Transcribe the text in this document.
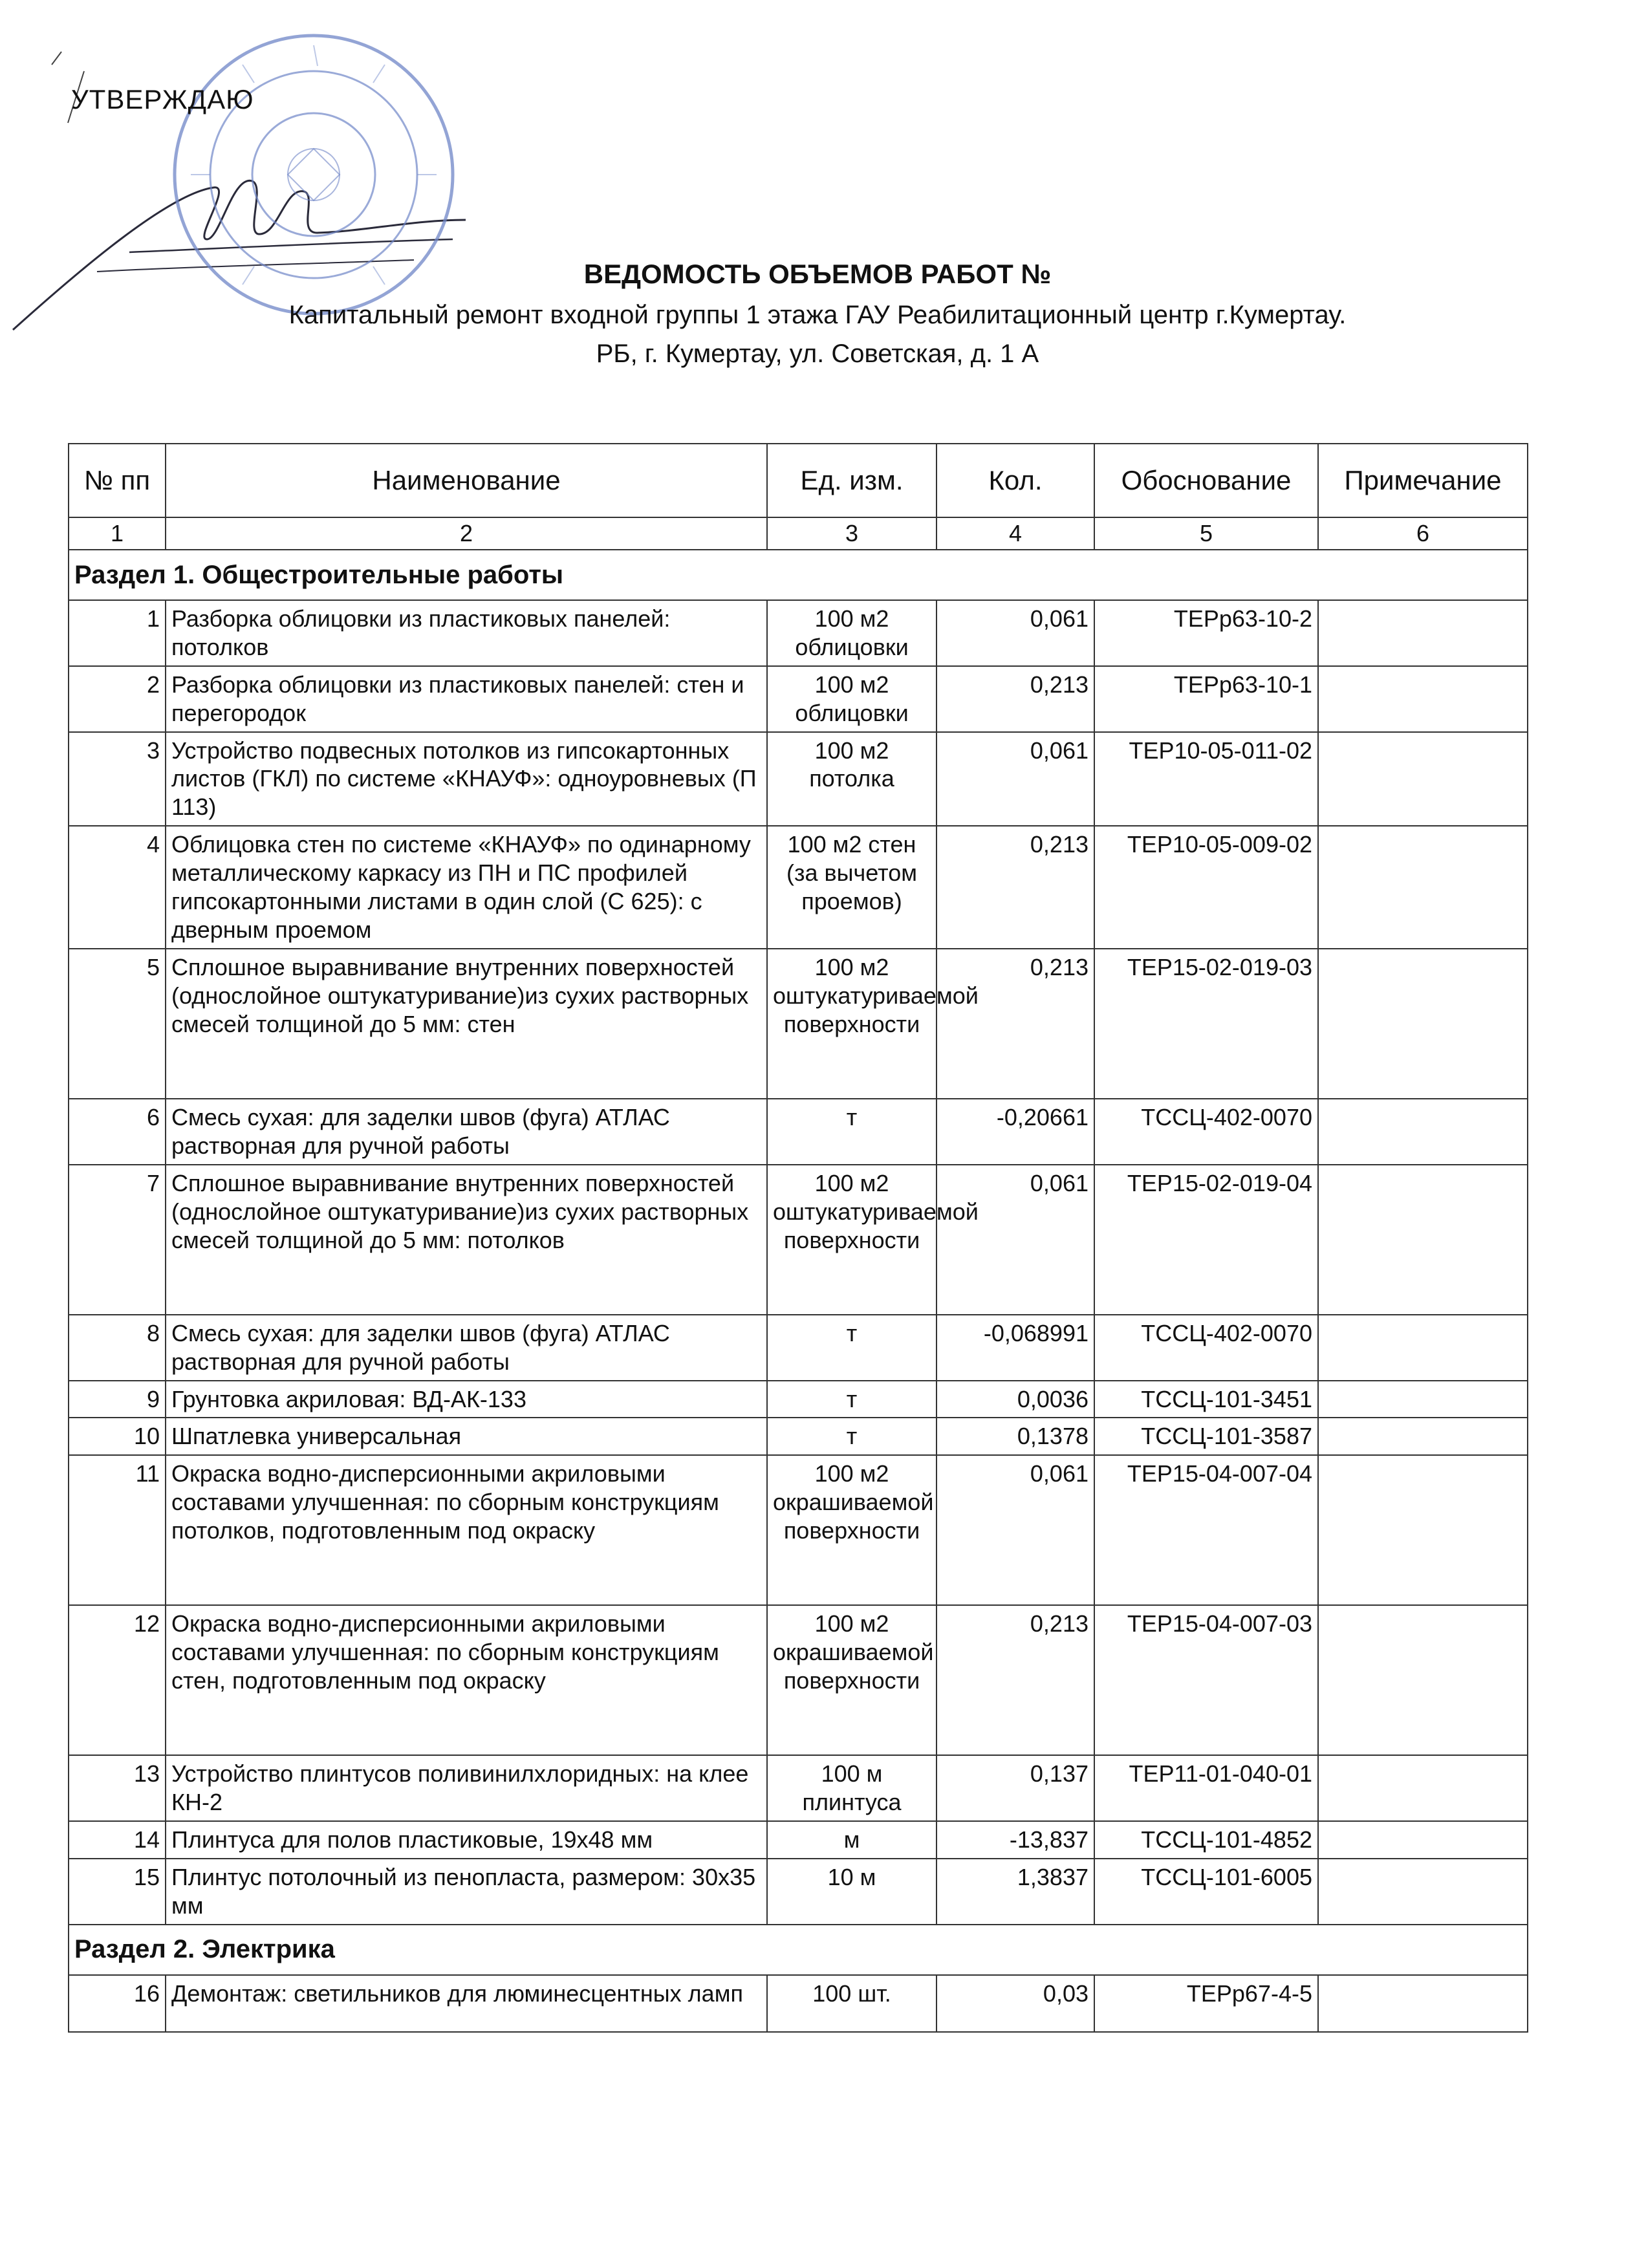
УТВЕРЖДАЮ
ВЕДОМОСТЬ ОБЪЕМОВ РАБОТ №
Капитальный ремонт входной группы 1 этажа ГАУ Реабилитационный центр г.Кумертау.
РБ, г. Кумертау, ул. Советская, д. 1 А
№ пп	Наименование	Ед. изм.	Кол.	Обоснование	Примечание
1	2	3	4	5	6
Раздел 1. Общестроительные работы					
1	Разборка облицовки из пластиковых панелей: потолков	100 м2 облицовки	0,061	ТЕРр63-10-2	
2	Разборка облицовки из пластиковых панелей: стен и перегородок	100 м2 облицовки	0,213	ТЕРр63-10-1	
3	Устройство подвесных потолков из гипсокартонных листов (ГКЛ) по системе «КНАУФ»: одноуровневых (П 113)	100 м2 потолка	0,061	ТЕР10-05-011-02	
4	Облицовка стен по системе «КНАУФ» по одинарному металлическому каркасу из ПН и ПС профилей гипсокартонными листами в один слой (С 625): с дверным проемом	100 м2 стен (за вычетом проемов)	0,213	ТЕР10-05-009-02	
5	Сплошное выравнивание внутренних поверхностей (однослойное оштукатуривание)из сухих растворных смесей толщиной до 5 мм: стен	100 м2 оштукатуриваемой поверхности	0,213	ТЕР15-02-019-03	
6	Смесь сухая: для заделки швов (фуга) АТЛАС растворная для ручной работы	т	-0,20661	ТССЦ-402-0070	
7	Сплошное выравнивание внутренних поверхностей (однослойное оштукатуривание)из сухих растворных смесей толщиной до 5 мм: потолков	100 м2 оштукатуриваемой поверхности	0,061	ТЕР15-02-019-04	
8	Смесь сухая: для заделки швов (фуга) АТЛАС растворная для ручной работы	т	-0,068991	ТССЦ-402-0070	
9	Грунтовка акриловая: ВД-АК-133	т	0,0036	ТССЦ-101-3451	
10	Шпатлевка универсальная	т	0,1378	ТССЦ-101-3587	
11	Окраска водно-дисперсионными акриловыми составами улучшенная: по сборным конструкциям потолков, подготовленным под окраску	100 м2 окрашиваемой поверхности	0,061	ТЕР15-04-007-04	
12	Окраска водно-дисперсионными акриловыми составами улучшенная: по сборным конструкциям стен, подготовленным под окраску	100 м2 окрашиваемой поверхности	0,213	ТЕР15-04-007-03	
13	Устройство плинтусов поливинилхлоридных: на клее КН-2	100 м плинтуса	0,137	ТЕР11-01-040-01	
14	Плинтуса для полов пластиковые, 19х48 мм	м	-13,837	ТССЦ-101-4852	
15	Плинтус потолочный из пенопласта, размером: 30х35 мм	10 м	1,3837	ТССЦ-101-6005	
Раздел 2. Электрика					
16	Демонтаж: светильников для люминесцентных ламп	100 шт.	0,03	ТЕРр67-4-5	
